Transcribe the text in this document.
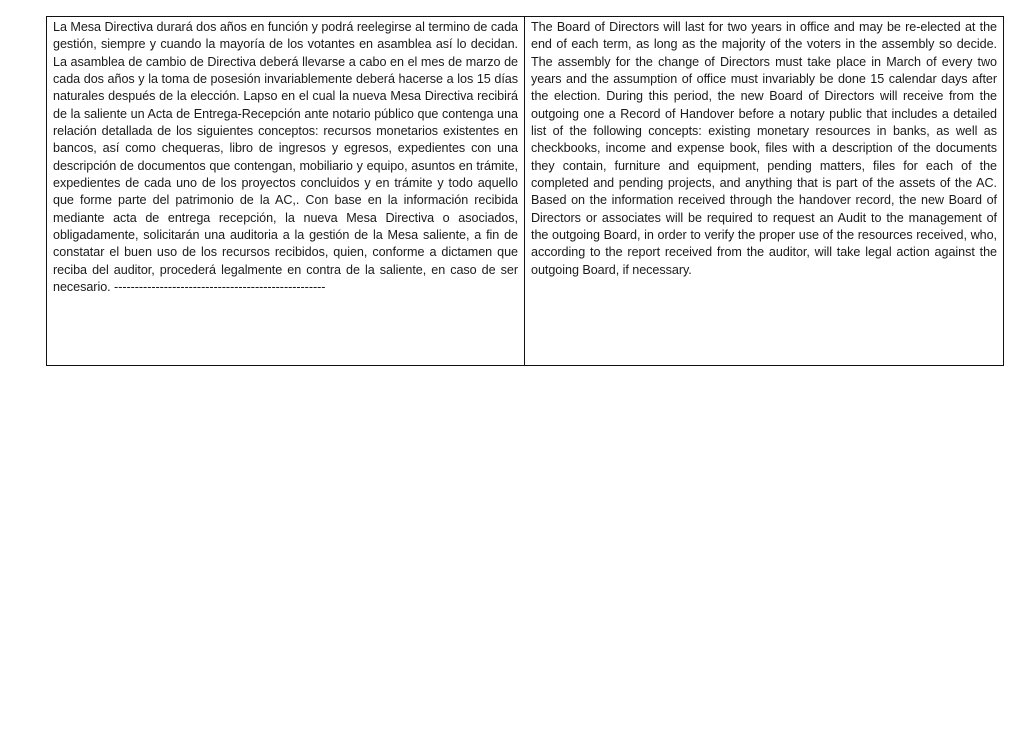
La Mesa Directiva durará dos años en función y podrá reelegirse al termino de cada gestión, siempre y cuando la mayoría de los votantes en asamblea así lo decidan. La asamblea de cambio de Directiva deberá llevarse a cabo en el mes de marzo de cada dos años y la toma de posesión invariablemente deberá hacerse a los 15 días naturales después de la elección. Lapso en el cual la nueva Mesa Directiva recibirá de la saliente un Acta de Entrega-Recepción ante notario público que contenga una relación detallada de los siguientes conceptos: recursos monetarios existentes en bancos, así como chequeras, libro de ingresos y egresos, expedientes con una descripción de documentos que contengan, mobiliario y equipo, asuntos en trámite, expedientes de cada uno de los proyectos concluidos y en trámite y todo aquello que forme parte del patrimonio de la AC,. Con base en la información recibida mediante acta de entrega recepción, la nueva Mesa Directiva o asociados, obligadamente, solicitarán una auditoria a la gestión de la Mesa saliente, a fin de constatar el buen uso de los recursos recibidos, quien, conforme a dictamen que reciba del auditor, procederá legalmente en contra de la saliente, en caso de ser necesario. ---------------------------------------------------	The Board of Directors will last for two years in office and may be re-elected at the end of each term, as long as the majority of the voters in the assembly so decide. The assembly for the change of Directors must take place in March of every two years and the assumption of office must invariably be done 15 calendar days after the election. During this period, the new Board of Directors will receive from the outgoing one a Record of Handover before a notary public that includes a detailed list of the following concepts: existing monetary resources in banks, as well as checkbooks, income and expense book, files with a description of the documents they contain, furniture and equipment, pending matters, files for each of the completed and pending projects, and anything that is part of the assets of the AC. Based on the information received through the handover record, the new Board of Directors or associates will be required to request an Audit to the management of the outgoing Board, in order to verify the proper use of the resources received, who, according to the report received from the auditor, will take legal action against the outgoing Board, if necessary.
